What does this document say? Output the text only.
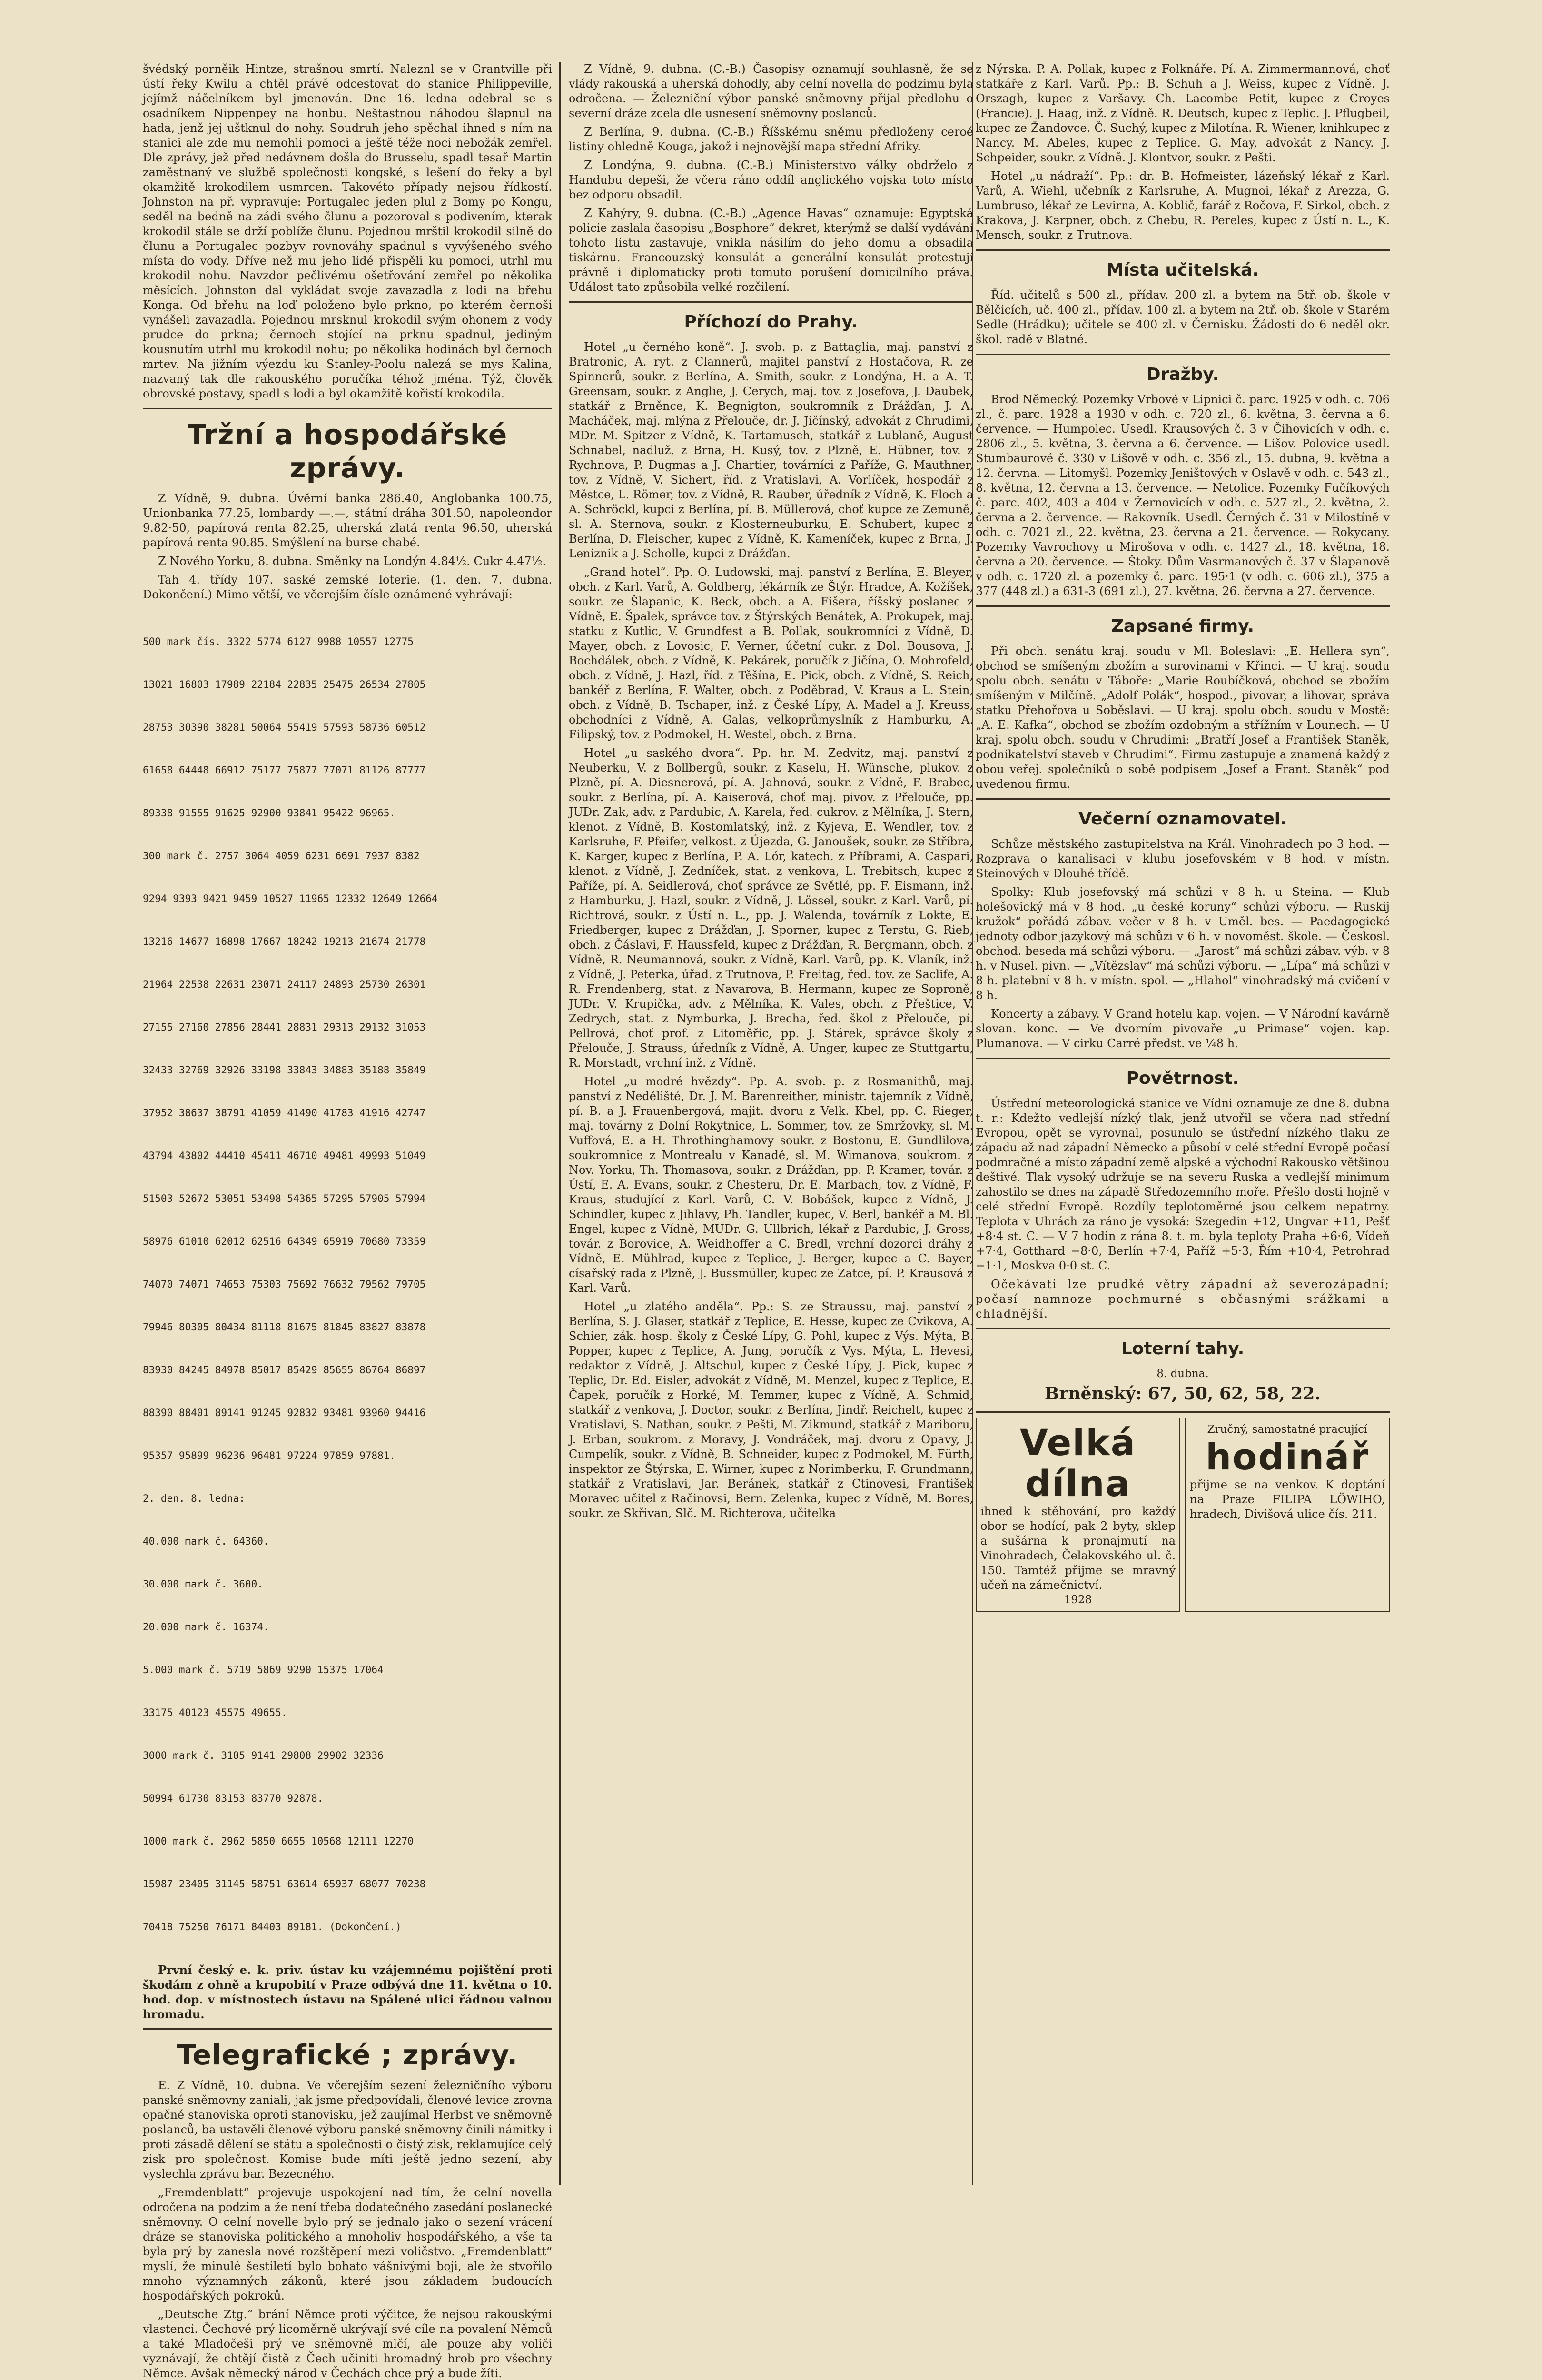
švédský porněik Hintze, strašnou smrtí. Naleznl se v Grantville při ústí řeky Kwilu a chtěl právě odcestovat do stanice Philippeville, jejímž náčelníkem byl jmenován. Dne 16. ledna odebral se s osadníkem Nippenpey na honbu. Neštastnou náhodou šlapnul na hada, jenž jej uštknul do nohy. Soudruh jeho spěchal ihned s ním na stanici ale zde mu nemohli pomoci a ještě téže noci nebožák zemřel. Dle zprávy, jež před nedávnem došla do Brusselu, spadl tesař Martin zaměstnaný ve službě společnosti kongské, s lešení do řeky a byl okamžitě krokodilem usmrcen. Takovéto případy nejsou řídkostí. Johnston na př. vypravuje: Portugalec jeden plul z Bomy po Kongu, seděl na bedně na zádi svého člunu a pozoroval s podivením, kterak krokodil stále se drží poblíže člunu. Pojednou mrštil krokodil silně do člunu a Portugalec pozbyv rovnováhy spadnul s vyvýšeného svého místa do vody. Dříve než mu jeho lidé přispěli ku pomoci, utrhl mu krokodil nohu. Navzdor pečlivému ošetřování zemřel po několika měsících. Johnston dal vykládat svoje zavazadla z lodi na břehu Konga. Od břehu na loď položeno bylo prkno, po kterém černoši vynášeli zavazadla. Pojednou mrsknul krokodil svým ohonem z vody prudce do prkna; černoch stojící na prknu spadnul, jediným kousnutím utrhl mu krokodil nohu; po několika hodinách byl černoch mrtev. Na jižním výezdu ku Stanley-Poolu nalezá se mys Kalina, nazvaný tak dle rakouského poručíka téhož jména. Týž, člověk obrovské postavy, spadl s lodi a byl okamžitě kořistí krokodila.

Tržní a hospodářské zprávy.

Z Vídně, 9. dubna. Úvěrní banka 286.40, Anglobanka 100.75, Unionbanka 77.25, lombardy —.—, státní dráha 301.50, napoleondor 9.82·50, papírová renta 82.25, uherská zlatá renta 96.50, uherská papírová renta 90.85. Smýšlení na burse chabé.

Z Nového Yorku, 8. dubna. Směnky na Londýn 4.84½. Cukr 4.47½.

Tah 4. třídy 107. saské zemské loterie. (1. den. 7. dubna. Dokončení.) Mimo větší, ve včerejším čísle oznámené vyhrávají:

500 mark čís. 3322 5774 6127 9988 10557 12775

13021 16803 17989 22184 22835 25475 26534 27805

28753 30390 38281 50064 55419 57593 58736 60512

61658 64448 66912 75177 75877 77071 81126 87777

89338 91555 91625 92900 93841 95422 96965.

300 mark č. 2757 3064 4059 6231 6691 7937 8382

9294 9393 9421 9459 10527 11965 12332 12649 12664

13216 14677 16898 17667 18242 19213 21674 21778

21964 22538 22631 23071 24117 24893 25730 26301

27155 27160 27856 28441 28831 29313 29132 31053

32433 32769 32926 33198 33843 34883 35188 35849

37952 38637 38791 41059 41490 41783 41916 42747

43794 43802 44410 45411 46710 49481 49993 51049

51503 52672 53051 53498 54365 57295 57905 57994

58976 61010 62012 62516 64349 65919 70680 73359

74070 74071 74653 75303 75692 76632 79562 79705

79946 80305 80434 81118 81675 81845 83827 83878

83930 84245 84978 85017 85429 85655 86764 86897

88390 88401 89141 91245 92832 93481 93960 94416

95357 95899 96236 96481 97224 97859 97881.

2. den. 8. ledna:

40.000 mark č. 64360.

30.000 mark č. 3600.

20.000 mark č. 16374.

5.000 mark č. 5719 5869 9290 15375 17064

33175 40123 45575 49655.

3000 mark č. 3105 9141 29808 29902 32336

50994 61730 83153 83770 92878.

1000 mark č. 2962 5850 6655 10568 12111 12270

15987 23405 31145 58751 63614 65937 68077 70238

70418 75250 76171 84403 89181. (Dokončení.)

První český e. k. priv. ústav ku vzájemnému pojištění proti škodám z ohně a krupobití v Praze odbývá dne 11. května o 10. hod. dop. v místnostech ústavu na Spálené ulici řádnou valnou hromadu.

Telegrafické ; zprávy.

E. Z Vídně, 10. dubna. Ve včerejším sezení železničního výboru panské sněmovny zaniali, jak jsme předpovídali, členové levice zrovna opačné stanoviska oproti stanovisku, jež zaujímal Herbst ve sněmovně poslanců, ba ustavěli členové výboru panské sněmovny činili námitky i proti zásadě dělení se státu a společnosti o čistý zisk, reklamujíce celý zisk pro společnost. Komise bude míti ještě jedno sezení, aby vyslechla zprávu bar. Bezecného.

„Fremdenblatt“ projevuje uspokojení nad tím, že celní novella odročena na podzim a že není třeba dodatečného zasedání poslanecké sněmovny. O celní novelle bylo prý se jednalo jako o sezení vrácení dráze se stanoviska politického a mnoholiv hospodářského, a vše ta byla prý by zanesla nové rozštěpení mezi voličstvo. „Fremdenblatt“ myslí, že minulé šestiletí bylo bohato vášnivými boji, ale že stvořilo mnoho významných zákonů, které jsou základem budoucích hospodářských pokroků.

„Deutsche Ztg.“ brání Němce proti výčitce, že nejsou rakouskými vlastenci. Čechové prý licoměrně ukrývají své cíle na povalení Němců a také Mladočeši prý ve sněmovně mlčí, ale pouze aby voliči vyznávají, že chtějí čistě z Čech učiniti hromadný hrob pro všechny Němce. Avšak německý národ v Čechách chce prý a bude žíti.

Z Vídně, 9. dubna. (C.-B.) Časopisy oznamují souhlasně, že se vlády rakouská a uherská dohodly, aby celní novella do podzimu byla odročena. — Železniční výbor panské sněmovny přijal předlohu o severní dráze zcela dle usnesení sněmovny poslanců.

Z Berlína, 9. dubna. (C.-B.) Říšskému sněmu předloženy ceroé listiny ohledně Kouga, jakož i nejnovější mapa střední Afriky.

Z Londýna, 9. dubna. (C.-B.) Ministerstvo války obdrželo z Handubu depeši, že včera ráno oddíl anglického vojska toto místo bez odporu obsadil.

Z Kahýry, 9. dubna. (C.-B.) „Agence Havas“ oznamuje: Egyptská policie zaslala časopisu „Bosphore“ dekret, kterýmž se další vydávání tohoto listu zastavuje, vnikla násilím do jeho domu a obsadila tiskárnu. Francouzský konsulát a generální konsulát protestují právně i diplomaticky proti tomuto porušení domicilního práva. Událost tato způsobila velké rozčilení.

Příchozí do Prahy.

Hotel „u černého koně“. J. svob. p. z Battaglia, maj. panství z Bratronic, A. ryt. z Clannerů, majitel panství z Hostačova, R. ze Spinnerů, soukr. z Berlína, A. Smith, soukr. z Londýna, H. a A. T. Greensam, soukr. z Anglie, J. Cerych, maj. tov. z Josefova, J. Daubek, statkář z Brněnce, K. Begnigton, soukromník z Drážďan, J. A. Macháček, maj. mlýna z Přelouče, dr. J. Jičínský, advokát z Chrudimi, MDr. M. Spitzer z Vídně, K. Tartamusch, statkář z Lublaně, August Schnabel, nadluž. z Brna, H. Kusý, tov. z Plzně, E. Hübner, tov. z Rychnova, P. Dugmas a J. Chartier, továrníci z Paříže, G. Mauthner, tov. z Vídně, V. Sichert, říd. z Vratislavi, A. Vorlíček, hospodář z Městce, L. Römer, tov. z Vídně, R. Rauber, úředník z Vídně, K. Floch a A. Schröckl, kupci z Berlína, pí. B. Müllerová, choť kupce ze Zemuně, sl. A. Sternova, soukr. z Klosterneuburku, E. Schubert, kupec z Berlína, D. Fleischer, kupec z Vídně, K. Kameníček, kupec z Brna, J. Leniznik a J. Scholle, kupci z Drážďan.

„Grand hotel“. Pp. O. Ludowski, maj. panství z Berlína, E. Bleyer, obch. z Karl. Varů, A. Goldberg, lékárník ze Štýr. Hradce, A. Kožíšek, soukr. ze Šlapanic, K. Beck, obch. a A. Fišera, říšský poslanec z Vídně, E. Špalek, správce tov. z Štýrských Benátek, A. Prokupek, maj. statku z Kutlic, V. Grundfest a B. Pollak, soukromníci z Vídně, D. Mayer, obch. z Lovosic, F. Verner, účetní cukr. z Dol. Bousova, J. Bochdálek, obch. z Vídně, K. Pekárek, poručík z Jičína, O. Mohrofeld, obch. z Vídně, J. Hazl, říd. z Těšína, E. Pick, obch. z Vídně, S. Reich, bankéř z Berlína, F. Walter, obch. z Poděbrad, V. Kraus a L. Stein, obch. z Vídně, B. Tschaper, inž. z České Lípy, A. Madel a J. Kreuss, obchodníci z Vídně, A. Galas, velkoprůmyslník z Hamburku, A. Filipský, tov. z Podmokel, H. Westel, obch. z Brna.

Hotel „u saského dvora“. Pp. hr. M. Zedvitz, maj. panství z Neuberku, V. z Bollbergů, soukr. z Kaselu, H. Wünsche, plukov. z Plzně, pí. A. Diesnerová, pí. A. Jahnová, soukr. z Vídně, F. Brabec, soukr. z Berlína, pí. A. Kaiserová, choť maj. pivov. z Přelouče, pp. JUDr. Zak, adv. z Pardubic, A. Karela, řed. cukrov. z Mělníka, J. Stern, klenot. z Vídně, B. Kostomlatský, inž. z Kyjeva, E. Wendler, tov. z Karlsruhe, F. Pfeifer, velkost. z Újezda, G. Janoušek, soukr. ze Stříbra, K. Karger, kupec z Berlína, P. A. Lór, katech. z Příbrami, A. Caspari, klenot. z Vídně, J. Zedníček, stat. z venkova, L. Trebitsch, kupec z Paříže, pí. A. Seidlerová, choť správce ze Světlé, pp. F. Eismann, inž. z Hamburku, J. Hazl, soukr. z Vídně, J. Lössel, soukr. z Karl. Varů, pí. Richtrová, soukr. z Ústí n. L., pp. J. Walenda, továrník z Lokte, E. Friedberger, kupec z Drážďan, J. Sporner, kupec z Terstu, G. Rieb, obch. z Čáslavi, F. Haussfeld, kupec z Drážďan, R. Bergmann, obch. z Vídně, R. Neumannová, soukr. z Vídně, Karl. Varů, pp. K. Vlaník, inž. z Vídně, J. Peterka, úřad. z Trutnova, P. Freitag, řed. tov. ze Saclife, A. R. Frendenberg, stat. z Navarova, B. Hermann, kupec ze Soproně, JUDr. V. Krupička, adv. z Mělníka, K. Vales, obch. z Přeštice, V. Zedrych, stat. z Nymburka, J. Brecha, řed. škol z Přelouče, pí. Pellrová, choť prof. z Litoměřic, pp. J. Stárek, správce školy z Přelouče, J. Strauss, úředník z Vídně, A. Unger, kupec ze Stuttgartu, R. Morstadt, vrchní inž. z Vídně.

Hotel „u modré hvězdy“. Pp. A. svob. p. z Rosmanithů, maj. panství z Nedělišté, Dr. J. M. Barenreither, ministr. tajemník z Vídně, pí. B. a J. Frauenbergová, majit. dvoru z Velk. Kbel, pp. C. Rieger, maj. továrny z Dolní Rokytnice, L. Sommer, tov. ze Smržovky, sl. M. Vuffová, E. a H. Throthinghamovy soukr. z Bostonu, E. Gundlilova, soukromnice z Montrealu v Kanadě, sl. M. Wimanova, soukrom. z Nov. Yorku, Th. Thomasova, soukr. z Drážďan, pp. P. Kramer, továr. z Ústí, E. A. Evans, soukr. z Chesteru, Dr. E. Marbach, tov. z Vídně, F. Kraus, studující z Karl. Varů, C. V. Bobášek, kupec z Vídně, J. Schindler, kupec z Jihlavy, Ph. Tandler, kupec, V. Berl, bankéř a M. Bl. Engel, kupec z Vídně, MUDr. G. Ullbrich, lékař z Pardubic, J. Gross, továr. z Borovice, A. Weidhoffer a C. Bredl, vrchní dozorci dráhy z Vídně, E. Mühlrad, kupec z Teplice, J. Berger, kupec a C. Bayer, císařský rada z Plzně, J. Bussmüller, kupec ze Zatce, pí. P. Krausová z Karl. Varů.

Hotel „u zlatého anděla“. Pp.: S. ze Straussu, maj. panství z Berlína, S. J. Glaser, statkář z Teplice, E. Hesse, kupec ze Cvikova, A. Schier, zák. hosp. školy z České Lípy, G. Pohl, kupec z Výs. Mýta, B. Popper, kupec z Teplice, A. Jung, poručík z Vys. Mýta, L. Hevesi, redaktor z Vídně, J. Altschul, kupec z České Lípy, J. Pick, kupec z Teplic, Dr. Ed. Eisler, advokát z Vídně, M. Menzel, kupec z Teplice, E. Čapek, poručík z Horké, M. Temmer, kupec z Vídně, A. Schmid, statkář z venkova, J. Doctor, soukr. z Berlína, Jindř. Reichelt, kupec z Vratislavi, S. Nathan, soukr. z Pešti, M. Zikmund, statkář z Mariboru, J. Erban, soukrom. z Moravy, J. Vondráček, maj. dvoru z Opavy, J. Cumpelík, soukr. z Vídně, B. Schneider, kupec z Podmokel, M. Fürth, inspektor ze Štýrska, E. Wirner, kupec z Norimberku, F. Grundmann, statkář z Vratislavi, Jar. Beránek, statkář z Ctinovesi, František Moravec učitel z Račinovsi, Bern. Zelenka, kupec z Vídně, M. Bores, soukr. ze Skřivan, Slč. M. Richterova, učitelka

z Nýrska. P. A. Pollak, kupec z Folknáře. Pí. A. Zimmermannová, choť statkáře z Karl. Varů. Pp.: B. Schuh a J. Weiss, kupec z Vídně. J. Orszagh, kupec z Varšavy. Ch. Lacombe Petit, kupec z Croyes (Francie). J. Haag, inž. z Vídně. R. Deutsch, kupec z Teplic. J. Pflugbeil, kupec ze Žandovce. Č. Suchý, kupec z Milotína. R. Wiener, knihkupec z Nancy. M. Abeles, kupec z Teplice. G. May, advokát z Nancy. J. Schpeider, soukr. z Vídně. J. Klontvor, soukr. z Pešti.

Hotel „u nádraží“. Pp.: dr. B. Hofmeister, lázeňský lékař z Karl. Varů, A. Wiehl, učebník z Karlsruhe, A. Mugnoi, lékař z Arezza, G. Lumbruso, lékař ze Levirna, A. Koblič, farář z Ročova, F. Sirkol, obch. z Krakova, J. Karpner, obch. z Chebu, R. Pereles, kupec z Ústí n. L., K. Mensch, soukr. z Trutnova.

Místa učitelská.

Říd. učitelů s 500 zl., přídav. 200 zl. a bytem na 5tř. ob. škole v Bělčicích, uč. 400 zl., přídav. 100 zl. a bytem na 2tř. ob. škole v Starém Sedle (Hrádku); učitele se 400 zl. v Černisku. Žádosti do 6 neděl okr. škol. radě v Blatné.

Dražby.

Brod Německý. Pozemky Vrbové v Lipnici č. parc. 1925 v odh. c. 706 zl., č. parc. 1928 a 1930 v odh. c. 720 zl., 6. května, 3. června a 6. července. — Humpolec. Usedl. Krausových č. 3 v Čihovicích v odh. c. 2806 zl., 5. května, 3. června a 6. července. — Lišov. Polovice usedl. Stumbaurové č. 330 v Lišově v odh. c. 356 zl., 15. dubna, 9. května a 12. června. — Litomyšl. Pozemky Jeništových v Oslavě v odh. c. 543 zl., 8. května, 12. června a 13. července. — Netolice. Pozemky Fučíkových č. parc. 402, 403 a 404 v Žernovicích v odh. c. 527 zl., 2. května, 2. června a 2. července. — Rakovník. Usedl. Černých č. 31 v Milostíně v odh. c. 7021 zl., 22. května, 23. června a 21. července. — Rokycany. Pozemky Vavrochovy u Mirošova v odh. c. 1427 zl., 18. května, 18. června a 20. července. — Štoky. Dům Vasrmanových č. 37 v Šlapanově v odh. c. 1720 zl. a pozemky č. parc. 195·1 (v odh. c. 606 zl.), 375 a 377 (448 zl.) a 631-3 (691 zl.), 27. května, 26. června a 27. července.

Zapsané firmy.

Při obch. senátu kraj. soudu v Ml. Boleslavi: „E. Hellera syn“, obchod se smíšeným zbožím a surovinami v Křinci. — U kraj. soudu spolu obch. senátu v Táboře: „Marie Roubíčková, obchod se zbožím smíšeným v Milčíně. „Adolf Polák“, hospod., pivovar, a lihovar, správa statku Přehořova u Soběslavi. — U kraj. spolu obch. soudu v Mostě: „A. E. Kafka“, obchod se zbožím ozdobným a střížním v Lounech. — U kraj. spolu obch. soudu v Chrudimi: „Bratří Josef a František Staněk, podnikatelství staveb v Chrudimi“. Firmu zastupuje a znamená každý z obou veřej. společníků o sobě podpisem „Josef a Frant. Staněk“ pod uvedenou firmu.

Večerní oznamovatel.

Schůze městského zastupitelstva na Král. Vinohradech po 3 hod. — Rozprava o kanalisaci v klubu josefovském v 8 hod. v místn. Steinových v Dlouhé třídě.

Spolky: Klub josefovský má schůzi v 8 h. u Steina. — Klub holešovický má v 8 hod. „u české koruny“ schůzi výboru. — Ruskij kružok“ pořádá zábav. večer v 8 h. v Uměl. bes. — Paedagogické jednoty odbor jazykový má schůzi v 6 h. v novoměst. škole. — Českosl. obchod. beseda má schůzi výboru. — „Jarost“ má schůzi zábav. výb. v 8 h. v Nusel. pivn. — „Vítězslav“ má schůzi výboru. — „Lípa“ má schůzi v 8 h. platební v 8 h. v místn. spol. — „Hlahol“ vinohradský má cvičení v 8 h.

Koncerty a zábavy. V Grand hotelu kap. vojen. — V Národní kavárně slovan. konc. — Ve dvorním pivovaře „u Primase“ vojen. kap. Plumanova. — V cirku Carré předst. ve ¼8 h.

Povětrnost.

Ústřední meteorologická stanice ve Vídni oznamuje ze dne 8. dubna t. r.: Kdežto vedlejší nízký tlak, jenž utvořil se včera nad střední Evropou, opět se vyrovnal, posunulo se ústřední nízkého tlaku ze západu až nad západní Německo a působí v celé střední Evropě počasí podmračné a místo západní země alpské a východní Rakousko většinou deštivé. Tlak vysoký udržuje se na severu Ruska a vedlejší minimum zahostilo se dnes na západě Středozemního moře. Přešlo dosti hojně v celé střední Evropě. Rozdíly teplotoměrné jsou celkem nepatrny. Teplota v Uhrách za ráno je vysoká: Szegedin +12, Ungvar +11, Pešť +8·4 st. C. — V 7 hodin z rána 8. t. m. byla teploty Praha +6·6, Vídeň +7·4, Gotthard −8·0, Berlín +7·4, Paříž +5·3, Řím +10·4, Petrohrad −1·1, Moskva 0·0 st. C.

Očekávati lze prudké větry západní až severozápadní; počasí namnoze pochmurné s občasnými srážkami a chladnější.

Loterní tahy.
8. dubna.
Brněnský: 67, 50, 62, 58, 22.
Velká dílna
ihned k stěhování, pro každý obor se hodící, pak 2 byty, sklep a sušárna k pronajmutí na Vinohradech, Čelakovského ul. č. 150. Tamtéž přijme se mravný učeň na zámečnictví.
1928
Zručný, samostatné pracující
hodinář
přijme se na venkov. K doptání na Praze FILIPA LÖWIHO, hradech, Divišová ulice čís. 211.
